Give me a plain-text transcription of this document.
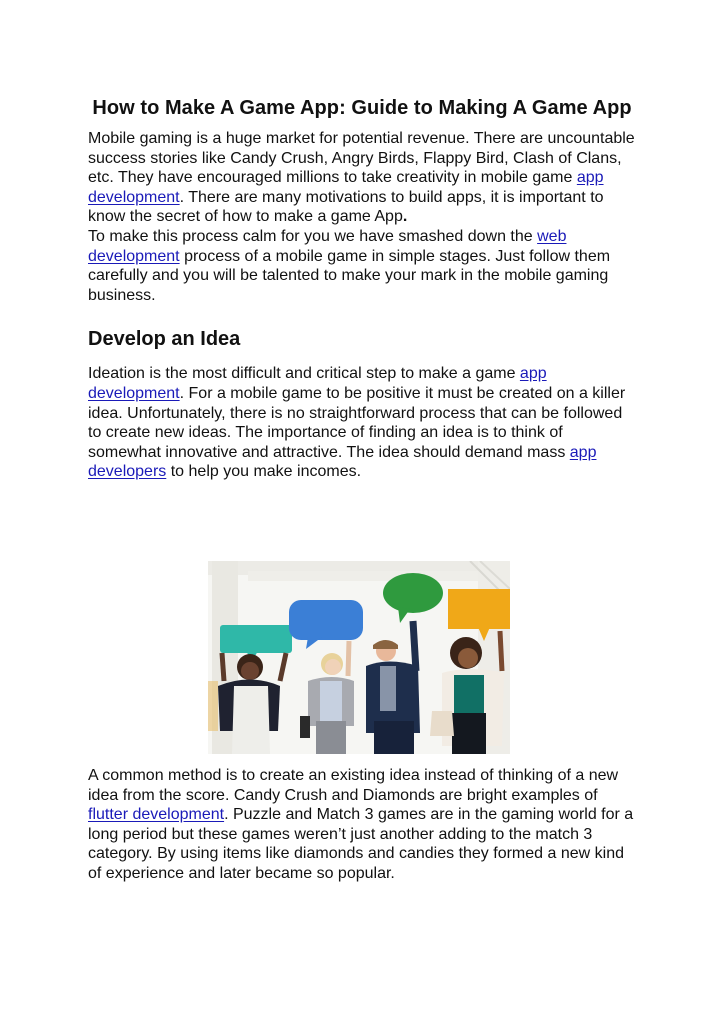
How to Make A Game App: Guide to Making A Game App

Mobile gaming is a huge market for potential revenue. There are uncountable success stories like Candy Crush, Angry Birds, Flappy Bird, Clash of Clans, etc. They have encouraged millions to take creativity in mobile game app development. There are many motivations to build apps, it is important to know the secret of how to make a game App.

To make this process calm for you we have smashed down the web development process of a mobile game in simple stages. Just follow them carefully and you will be talented to make your mark in the mobile gaming business.

Develop an Idea

Ideation is the most difficult and critical step to make a game app development. For a mobile game to be positive it must be created on a killer idea. Unfortunately, there is no straightforward process that can be followed to create new ideas. The importance of finding an idea is to think of somewhat innovative and attractive. The idea should demand mass app developers to help you make incomes.

A common method is to create an existing idea instead of thinking of a new idea from the score. Candy Crush and Diamonds are bright examples of flutter development. Puzzle and Match 3 games are in the gaming world for a long period but these games weren’t just another adding to the match 3 category. By using items like diamonds and candies they formed a new kind of experience and later became so popular.
